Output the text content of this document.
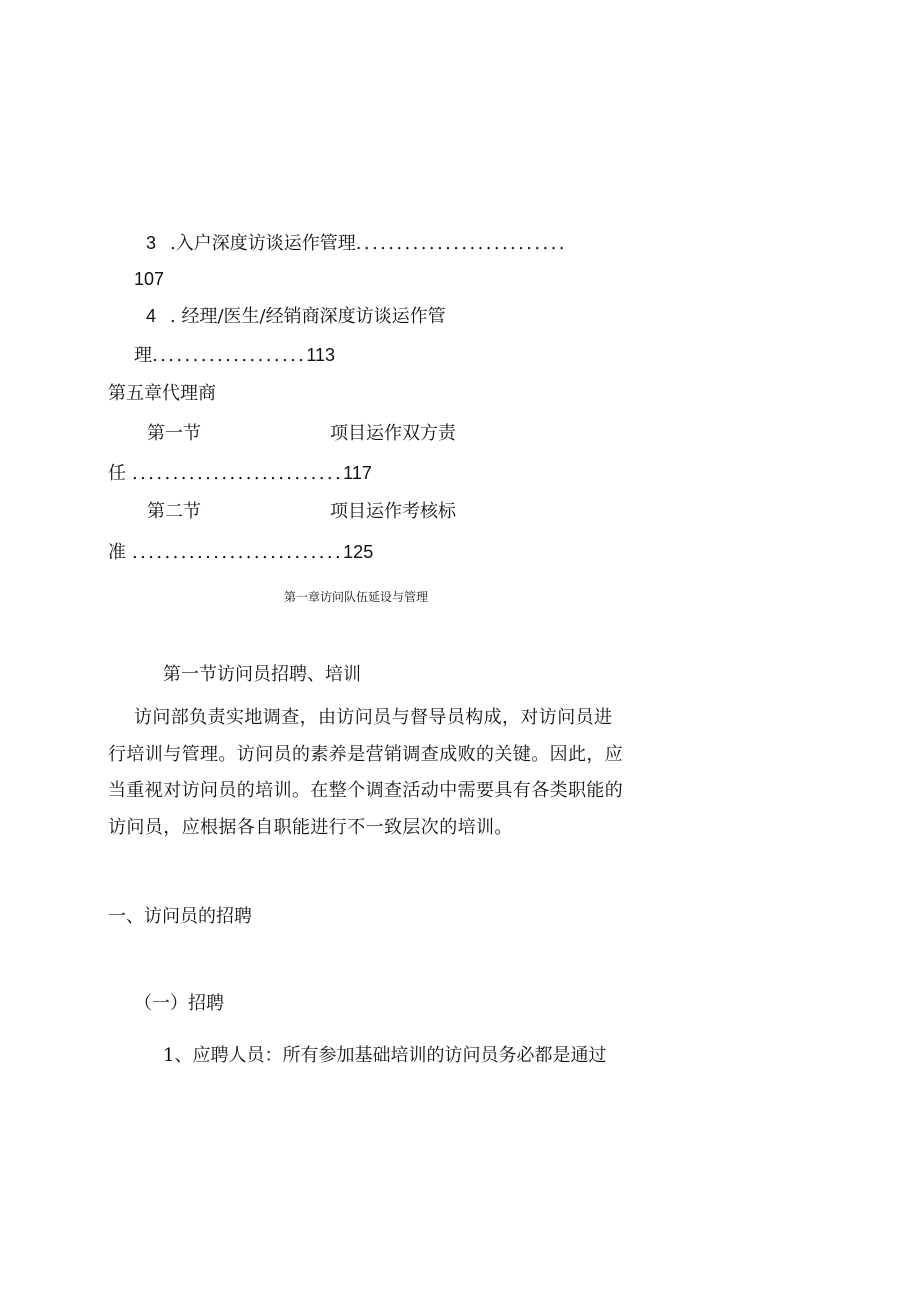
3 .入户深度访谈运作管理..........................
107
4 . 经理/医生/经销商深度访谈运作管
理...................113
第五章代理商
第一节	项目运作双方责
任 ..........................117
第二节	项目运作考核标
准 ..........................125
第一章访问队伍延设与管理
第一节访问员招聘、培训

访问部负责实地调查，由访问员与督导员构成，对访问员进行培训与管理。访问员的素养是营销调查成败的关键。因此，应当重视对访问员的培训。在整个调查活动中需要具有各类职能的访问员，应根据各自职能进行不一致层次的培训。

一、访问员的招聘
（一）招聘
1、应聘人员：所有参加基础培训的访问员务必都是通过
